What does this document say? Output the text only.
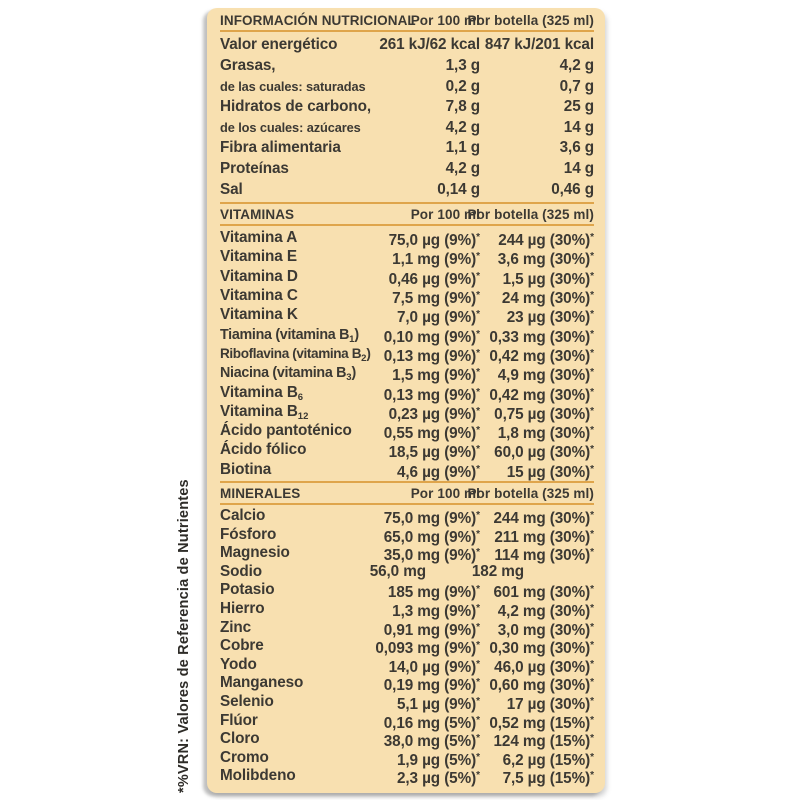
*%VRN: Valores de Referencia de Nutrientes
INFORMACIÓN NUTRICIONAL
Por 100 ml
Por botella (325 ml)
Valor energético	261 kJ/62 kcal 847 kJ/201 kcal
Grasas,	1,3 g	4,2 g
de las cuales: saturadas	0,2 g	0,7 g
Hidratos de carbono,	7,8 g	25 g
de los cuales: azúcares	4,2 g	14 g
Fibra alimentaria	1,1 g	3,6 g
Proteínas	4,2 g	14 g
Sal	0,14 g	0,46 g
VITAMINAS	Por 100 ml
Por botella (325 ml)
Vitamina A	75,0 µg (9%)* 244 µg (30%)*
Vitamina E	1,1 mg (9%)* 3,6 mg (30%)*
Vitamina D	0,46 µg (9%)* 1,5 µg (30%)*
Vitamina C	7,5 mg (9%)* 24 mg (30%)*
Vitamina K	7,0 µg (9%)* 23 µg (30%)*
Tiamina (vitamina $B_1$) 0,10 mg (9%)* 0,33 mg (30%)*
Riboflavina (vitamina $B_2$) 0,13 mg (9%)* 0,42 mg (30%)*
Niacina (vitamina $B_3$) 1,5 mg (9%)* 4,9 mg (30%)*
Vitamina $B_6$	0,13 mg (9%)* 0,42 mg (30%)*
Vitamina $B_{12}$	0,23 µg (9%)* 0,75 µg (30%)*
Ácido pantoténico 0,55 mg (9%)* 1,8 mg (30%)*
Ácido fólico	18,5 µg (9%)* 60,0 µg (30%)*
Biotina	4,6 µg (9%)* 15 µg (30%)*
MINERALES	Por 100 ml
Por botella (325 ml)
Calcio	75,0 mg (9%)* 244 mg (30%)*
Fósforo	65,0 mg (9%)* 211 mg (30%)*
Magnesio	35,0 mg (9%)* 114 mg (30%)*
Sodio	56,0 mg	182 mg
Potasio	185 mg (9%)* 601 mg (30%)*
Hierro	1,3 mg (9%)* 4,2 mg (30%)*
Zinc	0,91 mg (9%)* 3,0 mg (30%)*
Cobre	0,093 mg (9%)* 0,30 mg (30%)*
Yodo	14,0 µg (9%)* 46,0 µg (30%)*
Manganeso	0,19 mg (9%)* 0,60 mg (30%)*
Selenio	5,1 µg (9%)* 17 µg (30%)*
Flúor	0,16 mg (5%)* 0,52 mg (15%)*
Cloro	38,0 mg (5%)* 124 mg (15%)*
Cromo	1,9 µg (5%)* 6,2 µg (15%)*
Molibdeno	2,3 µg (5%)* 7,5 µg (15%)*
